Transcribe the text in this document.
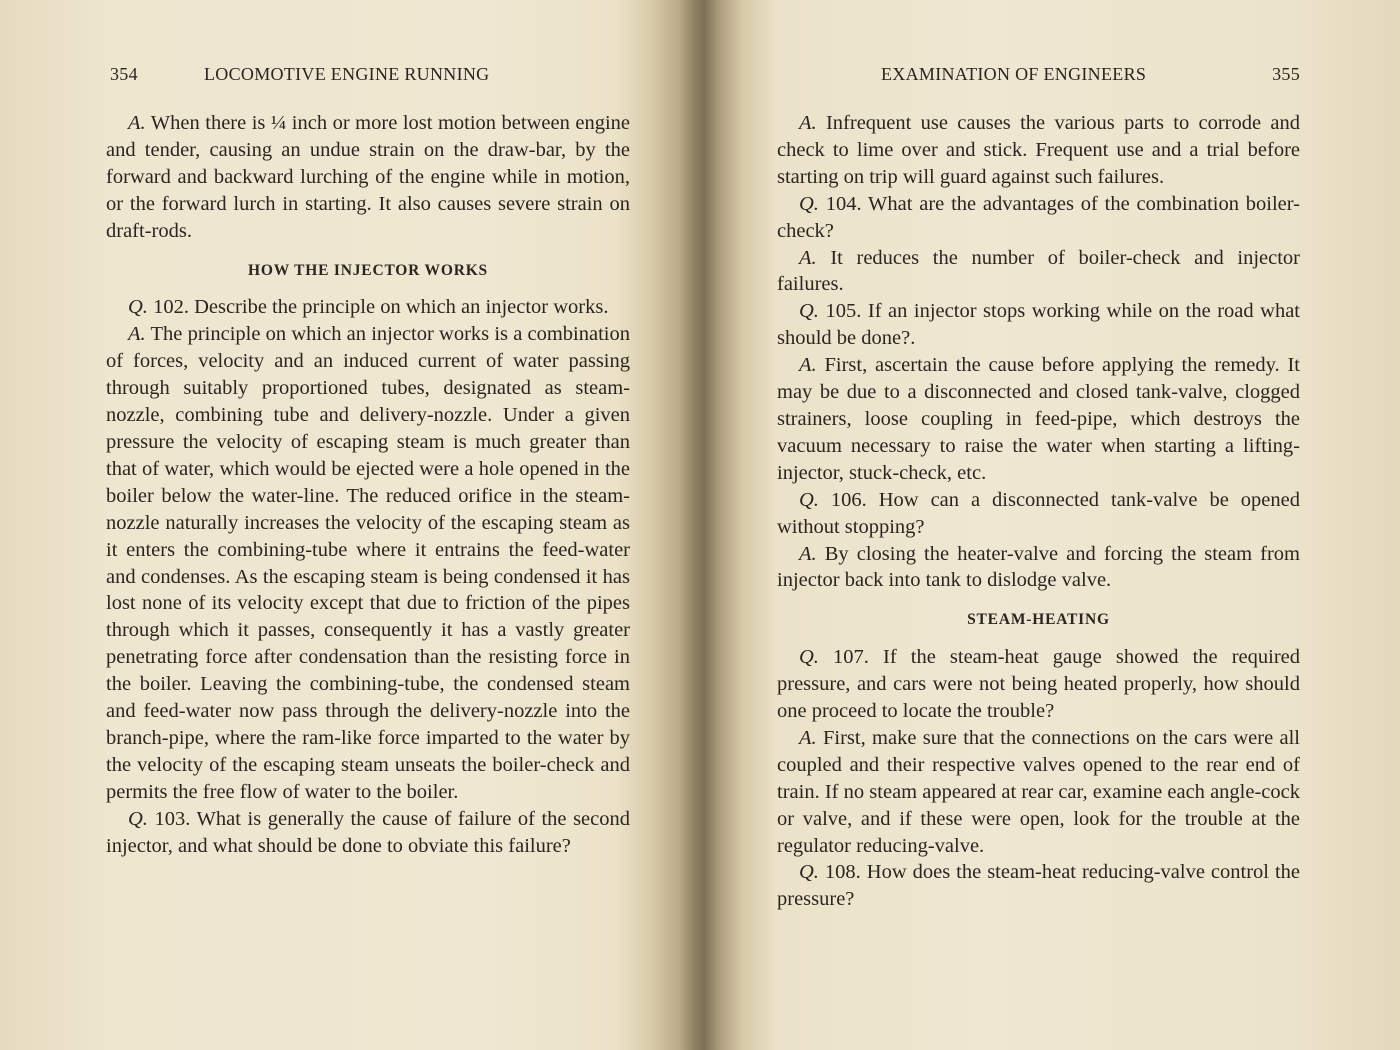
354	LOCOMOTIVE ENGINE RUNNING

A. When there is ¼ inch or more lost motion between engine and tender, causing an undue strain on the draw-bar, by the forward and backward lurching of the engine while in motion, or the forward lurch in starting. It also causes severe strain on draft-rods.

HOW THE INJECTOR WORKS

Q. 102. Describe the principle on which an injector works.

A. The principle on which an injector works is a combination of forces, velocity and an induced current of water passing through suitably proportioned tubes, designated as steam-nozzle, combining tube and delivery-nozzle. Under a given pressure the velocity of escaping steam is much greater than that of water, which would be ejected were a hole opened in the boiler below the water-line. The reduced orifice in the steam-nozzle naturally increases the velocity of the escaping steam as it enters the combining-tube where it entrains the feed-water and condenses. As the escaping steam is being condensed it has lost none of its velocity except that due to friction of the pipes through which it passes, consequently it has a vastly greater penetrating force after condensation than the resisting force in the boiler. Leaving the combining-tube, the condensed steam and feed-water now pass through the delivery-nozzle into the branch-pipe, where the ram-like force imparted to the water by the velocity of the escaping steam unseats the boiler-check and permits the free flow of water to the boiler.

Q. 103. What is generally the cause of failure of the second injector, and what should be done to obviate this failure?

EXAMINATION OF ENGINEERS	355

A. Infrequent use causes the various parts to corrode and check to lime over and stick. Frequent use and a trial before starting on trip will guard against such failures.

Q. 104. What are the advantages of the combination boiler-check?

A. It reduces the number of boiler-check and injector failures.

Q. 105. If an injector stops working while on the road what should be done?.

A. First, ascertain the cause before applying the remedy. It may be due to a disconnected and closed tank-valve, clogged strainers, loose coupling in feed-pipe, which destroys the vacuum necessary to raise the water when starting a lifting-injector, stuck-check, etc.

Q. 106. How can a disconnected tank-valve be opened without stopping?

A. By closing the heater-valve and forcing the steam from injector back into tank to dislodge valve.

STEAM-HEATING

Q. 107. If the steam-heat gauge showed the required pressure, and cars were not being heated properly, how should one proceed to locate the trouble?

A. First, make sure that the connections on the cars were all coupled and their respective valves opened to the rear end of train. If no steam appeared at rear car, examine each angle-cock or valve, and if these were open, look for the trouble at the regulator reducing-valve.

Q. 108. How does the steam-heat reducing-valve control the pressure?
